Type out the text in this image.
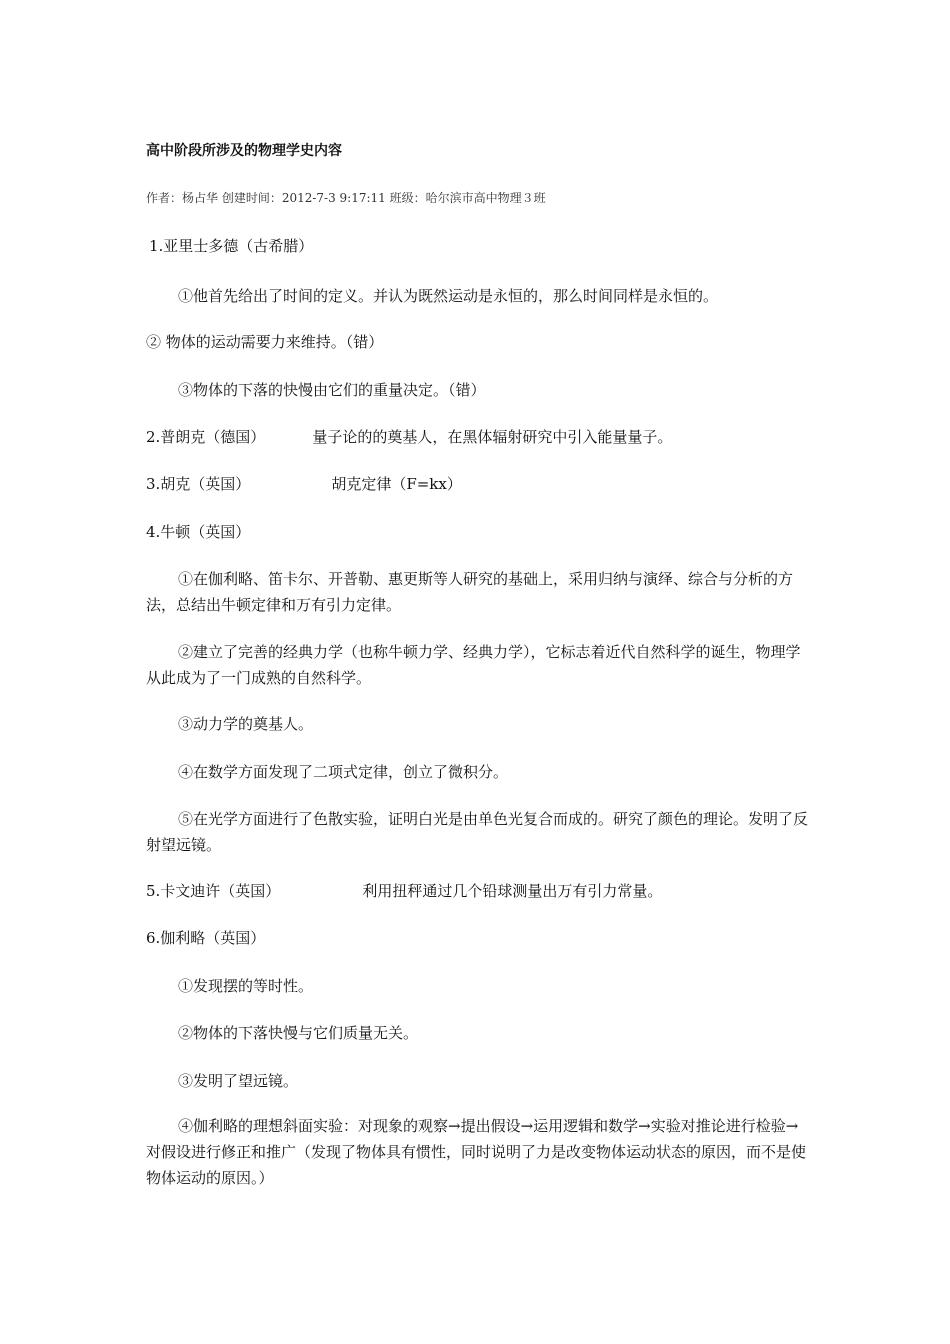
高中阶段所涉及的物理学史内容
作者：杨占华 创建时间：2012-7-3 9:17:11 班级：哈尔滨市高中物理３班
1.亚里士多德（古希腊）
①他首先给出了时间的定义。并认为既然运动是永恒的，那么时间同样是永恒的。
② 物体的运动需要力来维持。（错）
③物体的下落的快慢由它们的重量决定。（错）
2.普朗克（德国）	量子论的的奠基人，在黑体辐射研究中引入能量量子。
3.胡克（英国）	胡克定律（F=kx）
4.牛顿（英国）
①在伽利略、笛卡尔、开普勒、惠更斯等人研究的基础上，采用归纳与演绎、综合与分析的方法，总结出牛顿定律和万有引力定律。
②建立了完善的经典力学（也称牛顿力学、经典力学），它标志着近代自然科学的诞生，物理学从此成为了一门成熟的自然科学。
③动力学的奠基人。
④在数学方面发现了二项式定律，创立了微积分。
⑤在光学方面进行了色散实验，证明白光是由单色光复合而成的。研究了颜色的理论。发明了反射望远镜。
5.卡文迪许（英国）	利用扭秤通过几个铅球测量出万有引力常量。
6.伽利略（英国）
①发现摆的等时性。
②物体的下落快慢与它们质量无关。
③发明了望远镜。
④伽利略的理想斜面实验：对现象的观察→提出假设→运用逻辑和数学→实验对推论进行检验→对假设进行修正和推广（发现了物体具有惯性，同时说明了力是改变物体运动状态的原因，而不是使物体运动的原因。）
